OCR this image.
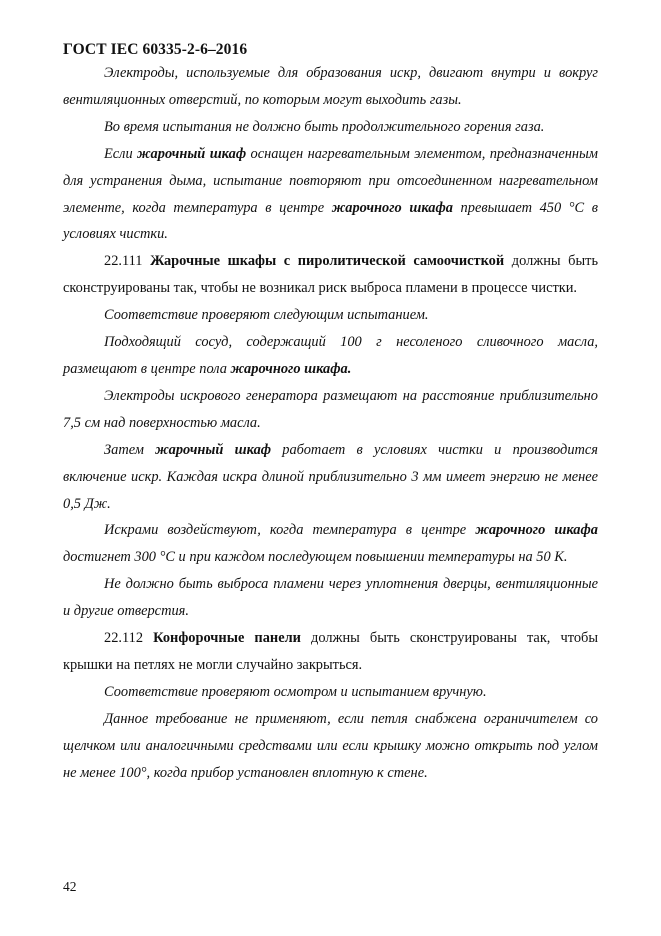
ГОСТ IEC 60335-2-6–2016

Электроды, используемые для образования искр, двигают внутри и вокруг вентиляционных отверстий, по которым могут выходить газы.

Во время испытания не должно быть продолжительного горения газа.

Если жарочный шкаф оснащен нагревательным элементом, предназначенным для устранения дыма, испытание повторяют при отсоединенном нагревательном элементе, когда температура в центре жарочного шкафа превышает 450 °С в условиях чистки.

22.111 Жарочные шкафы с пиролитической самоочисткой должны быть сконструированы так, чтобы не возникал риск выброса пламени в процессе чистки.

Соответствие проверяют следующим испытанием.

Подходящий сосуд, содержащий 100 г несоленого сливочного масла, размещают в центре пола жарочного шкафа.

Электроды искрового генератора размещают на расстояние приблизительно 7,5 см над поверхностью масла.

Затем жарочный шкаф работает в условиях чистки и производится включение искр. Каждая искра длиной приблизительно 3 мм имеет энергию не менее 0,5 Дж.

Искрами воздействуют, когда температура в центре жарочного шкафа достигнет 300 °С и при каждом последующем повышении температуры на 50 К.

Не должно быть выброса пламени через уплотнения дверцы, вентиляционные и другие отверстия.

22.112 Конфорочные панели должны быть сконструированы так, чтобы крышки на петлях не могли случайно закрыться.

Соответствие проверяют осмотром и испытанием вручную.

Данное требование не применяют, если петля снабжена ограничителем со щелчком или аналогичными средствами или если крышку можно открыть под углом не менее 100°, когда прибор установлен вплотную к стене.

42
